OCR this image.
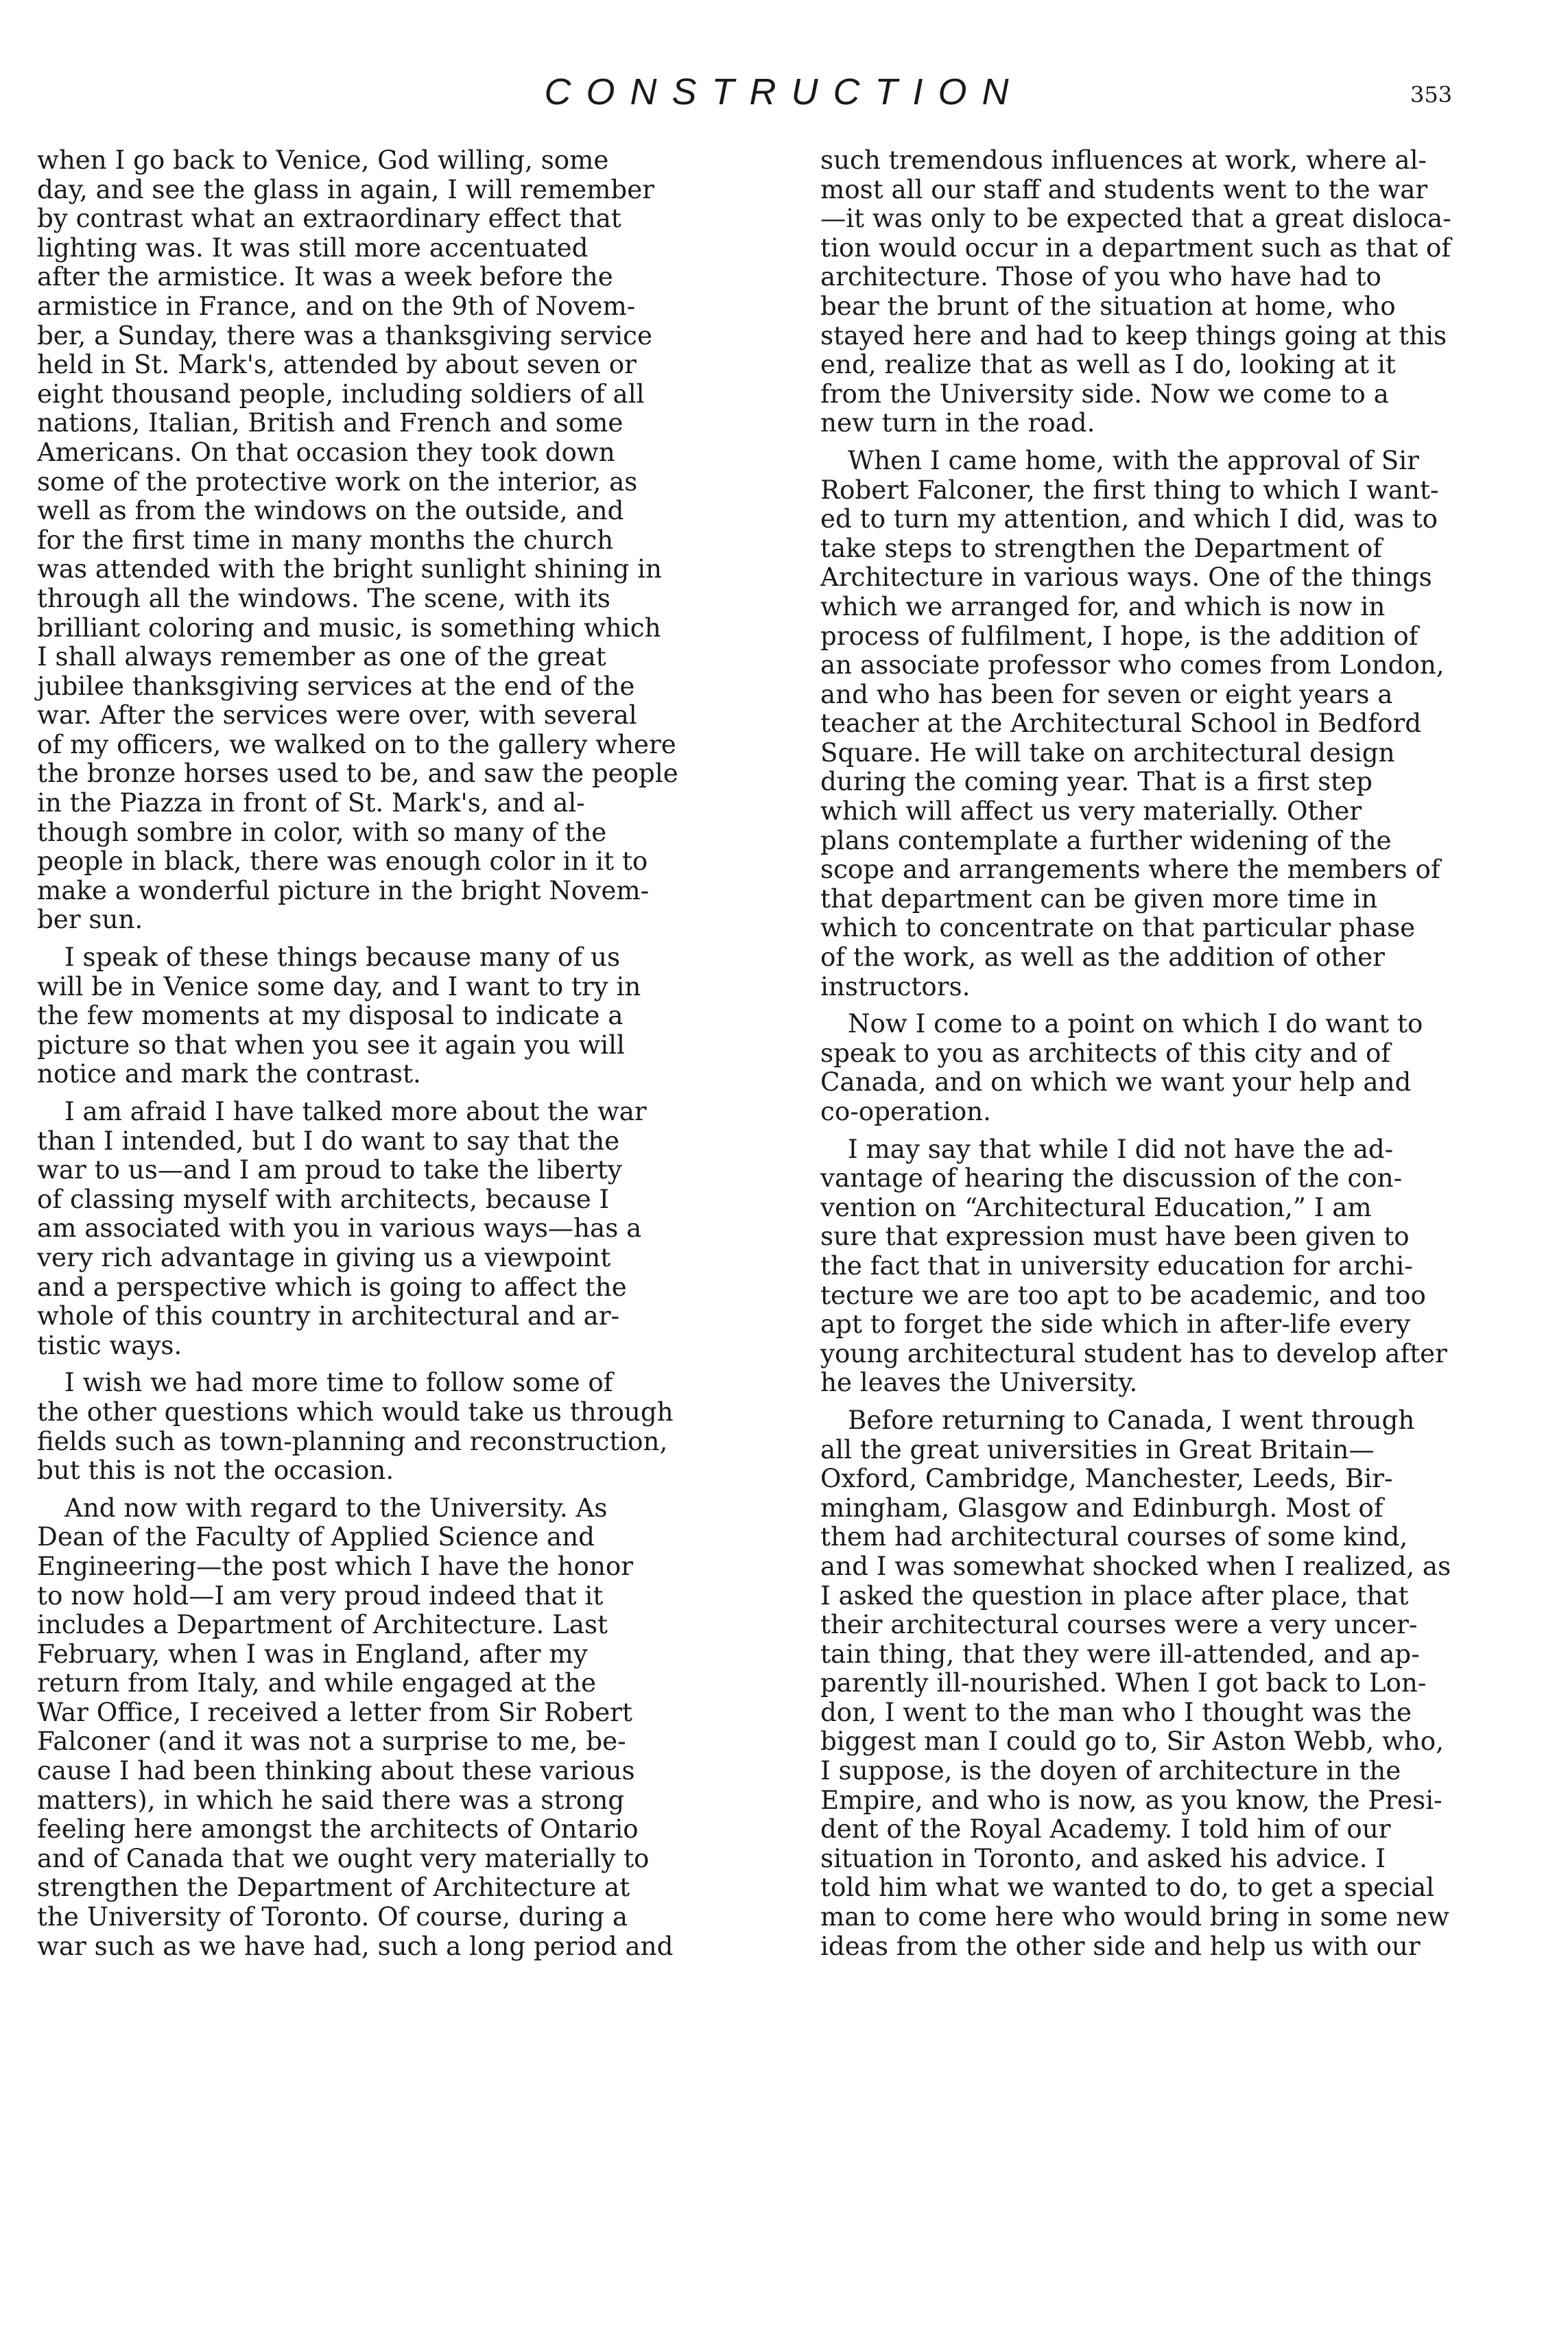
CONSTRUCTION	353
when I go back to Venice, God willing, some
day, and see the glass in again, I will remember
by contrast what an extraordinary effect that
lighting was. It was still more accentuated
after the armistice. It was a week before the
armistice in France, and on the 9th of Novem-
ber, a Sunday, there was a thanksgiving service
held in St. Mark's, attended by about seven or
eight thousand people, including soldiers of all
nations, Italian, British and French and some
Americans. On that occasion they took down
some of the protective work on the interior, as
well as from the windows on the outside, and
for the first time in many months the church
was attended with the bright sunlight shining in
through all the windows. The scene, with its
brilliant coloring and music, is something which
I shall always remember as one of the great
jubilee thanksgiving services at the end of the
war. After the services were over, with several
of my officers, we walked on to the gallery where
the bronze horses used to be, and saw the people
in the Piazza in front of St. Mark's, and al-
though sombre in color, with so many of the
people in black, there was enough color in it to
make a wonderful picture in the bright Novem-
ber sun.
I speak of these things because many of us
will be in Venice some day, and I want to try in
the few moments at my disposal to indicate a
picture so that when you see it again you will
notice and mark the contrast.
I am afraid I have talked more about the war
than I intended, but I do want to say that the
war to us—and I am proud to take the liberty
of classing myself with architects, because I
am associated with you in various ways—has a
very rich advantage in giving us a viewpoint
and a perspective which is going to affect the
whole of this country in architectural and ar-
tistic ways.
I wish we had more time to follow some of
the other questions which would take us through
fields such as town-planning and reconstruction,
but this is not the occasion.
And now with regard to the University. As
Dean of the Faculty of Applied Science and
Engineering—the post which I have the honor
to now hold—I am very proud indeed that it
includes a Department of Architecture. Last
February, when I was in England, after my
return from Italy, and while engaged at the
War Office, I received a letter from Sir Robert
Falconer (and it was not a surprise to me, be-
cause I had been thinking about these various
matters), in which he said there was a strong
feeling here amongst the architects of Ontario
and of Canada that we ought very materially to
strengthen the Department of Architecture at
the University of Toronto. Of course, during a
war such as we have had, such a long period and
such tremendous influences at work, where al-
most all our staff and students went to the war
—it was only to be expected that a great disloca-
tion would occur in a department such as that of
architecture. Those of you who have had to
bear the brunt of the situation at home, who
stayed here and had to keep things going at this
end, realize that as well as I do, looking at it
from the University side. Now we come to a
new turn in the road.
When I came home, with the approval of Sir
Robert Falconer, the first thing to which I want-
ed to turn my attention, and which I did, was to
take steps to strengthen the Department of
Architecture in various ways. One of the things
which we arranged for, and which is now in
process of fulfilment, I hope, is the addition of
an associate professor who comes from London,
and who has been for seven or eight years a
teacher at the Architectural School in Bedford
Square. He will take on architectural design
during the coming year. That is a first step
which will affect us very materially. Other
plans contemplate a further widening of the
scope and arrangements where the members of
that department can be given more time in
which to concentrate on that particular phase
of the work, as well as the addition of other
instructors.
Now I come to a point on which I do want to
speak to you as architects of this city and of
Canada, and on which we want your help and
co-operation.
I may say that while I did not have the ad-
vantage of hearing the discussion of the con-
vention on “Architectural Education,” I am
sure that expression must have been given to
the fact that in university education for archi-
tecture we are too apt to be academic, and too
apt to forget the side which in after-life every
young architectural student has to develop after
he leaves the University.
Before returning to Canada, I went through
all the great universities in Great Britain—
Oxford, Cambridge, Manchester, Leeds, Bir-
mingham, Glasgow and Edinburgh. Most of
them had architectural courses of some kind,
and I was somewhat shocked when I realized, as
I asked the question in place after place, that
their architectural courses were a very uncer-
tain thing, that they were ill-attended, and ap-
parently ill-nourished. When I got back to Lon-
don, I went to the man who I thought was the
biggest man I could go to, Sir Aston Webb, who,
I suppose, is the doyen of architecture in the
Empire, and who is now, as you know, the Presi-
dent of the Royal Academy. I told him of our
situation in Toronto, and asked his advice. I
told him what we wanted to do, to get a special
man to come here who would bring in some new
ideas from the other side and help us with our
